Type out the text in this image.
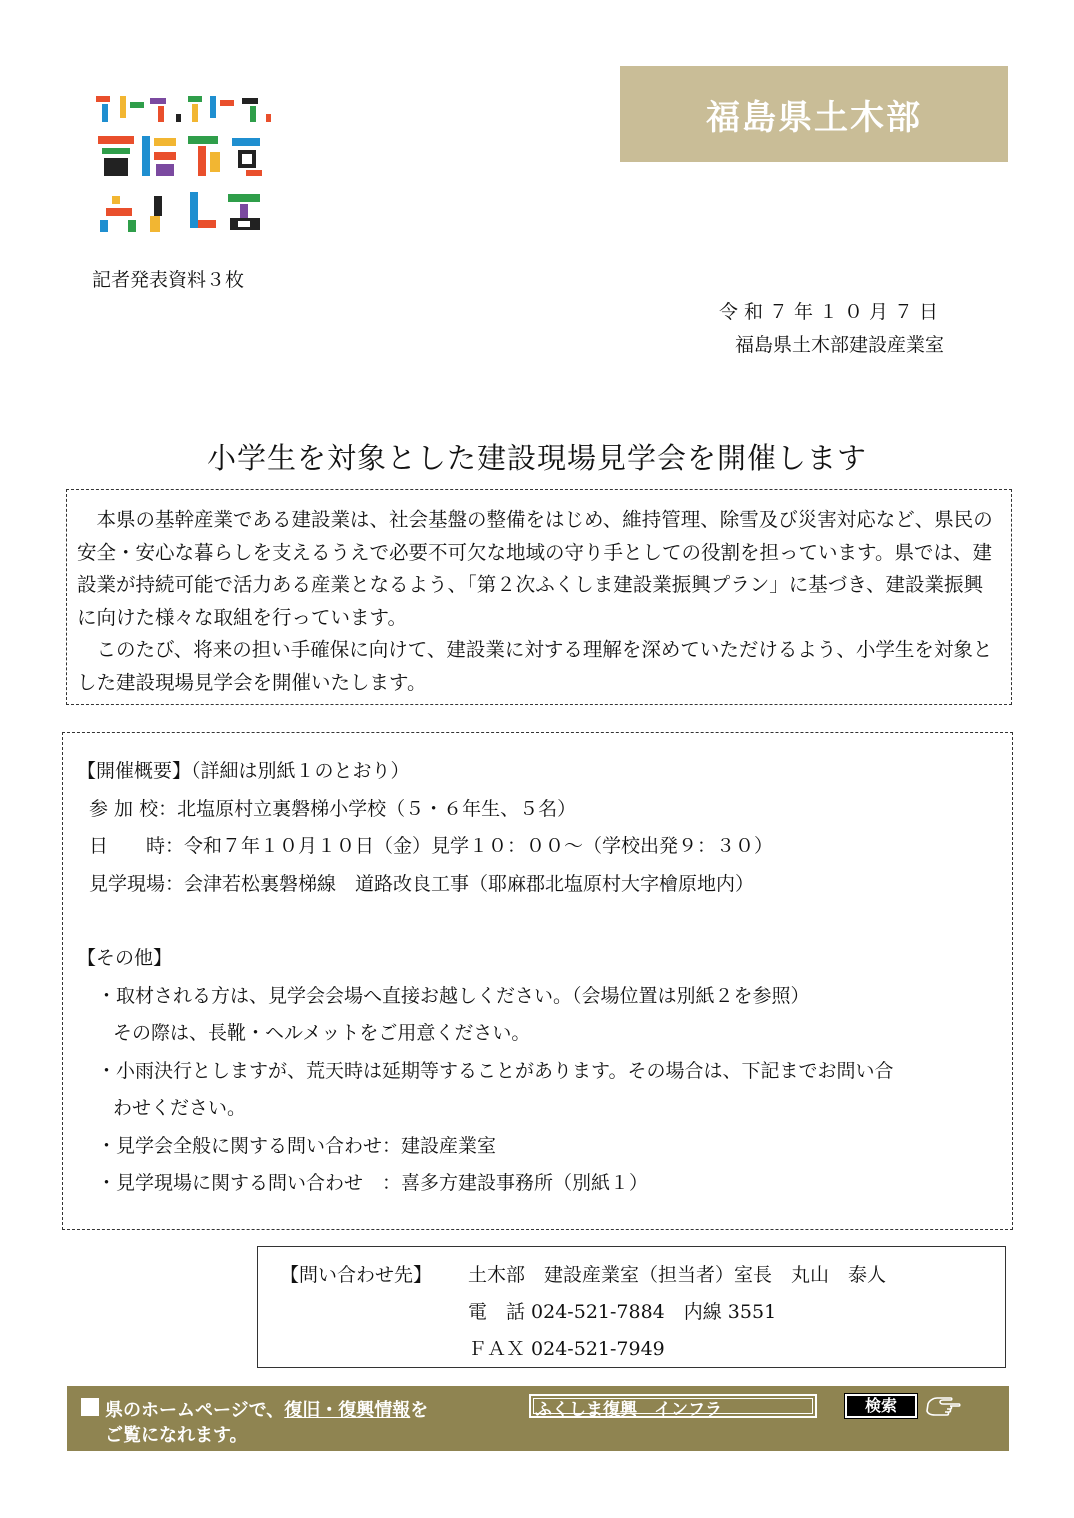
福島県土木部
記者発表資料３枚
令和７年１０月７日
福島県土木部建設産業室
小学生を対象とした建設現場見学会を開催します

本県の基幹産業である建設業は、社会基盤の整備をはじめ、維持管理、除雪及び災害対応など、県民の安全・安心な暮らしを支えるうえで必要不可欠な地域の守り手としての役割を担っています。県では、建設業が持続可能で活力ある産業となるよう、「第２次ふくしま建設業振興プラン」に基づき、建設業振興に向けた様々な取組を行っています。

このたび、将来の担い手確保に向けて、建設業に対する理解を深めていただけるよう、小学生を対象とした建設現場見学会を開催いたします。

【開催概要】（詳細は別紙１のとおり）
参 加 校：北塩原村立裏磐梯小学校（５・６年生、５名）
日　　時：令和７年１０月１０日（金）見学１０：００～（学校出発９：３０）
見学現場：会津若松裏磐梯線　道路改良工事（耶麻郡北塩原村大字檜原地内）
【その他】
・取材される方は、見学会会場へ直接お越しください。（会場位置は別紙２を参照）
その際は、長靴・ヘルメットをご用意ください。
・小雨決行としますが、荒天時は延期等することがあります。その場合は、下記までお問い合
わせください。
・見学会全般に関する問い合わせ：建設産業室
・見学現場に関する問い合わせ　：喜多方建設事務所（別紙１）
【問い合わせ先】	土木部　建設産業室（担当者）室長　丸山　泰人
電　話 024-521-7884　内線 3551
ＦＡＸ 024-521-7949
県のホームページで、復旧・復興情報を
ご覧になれます。
ふくしま復興　インフラ	検索
